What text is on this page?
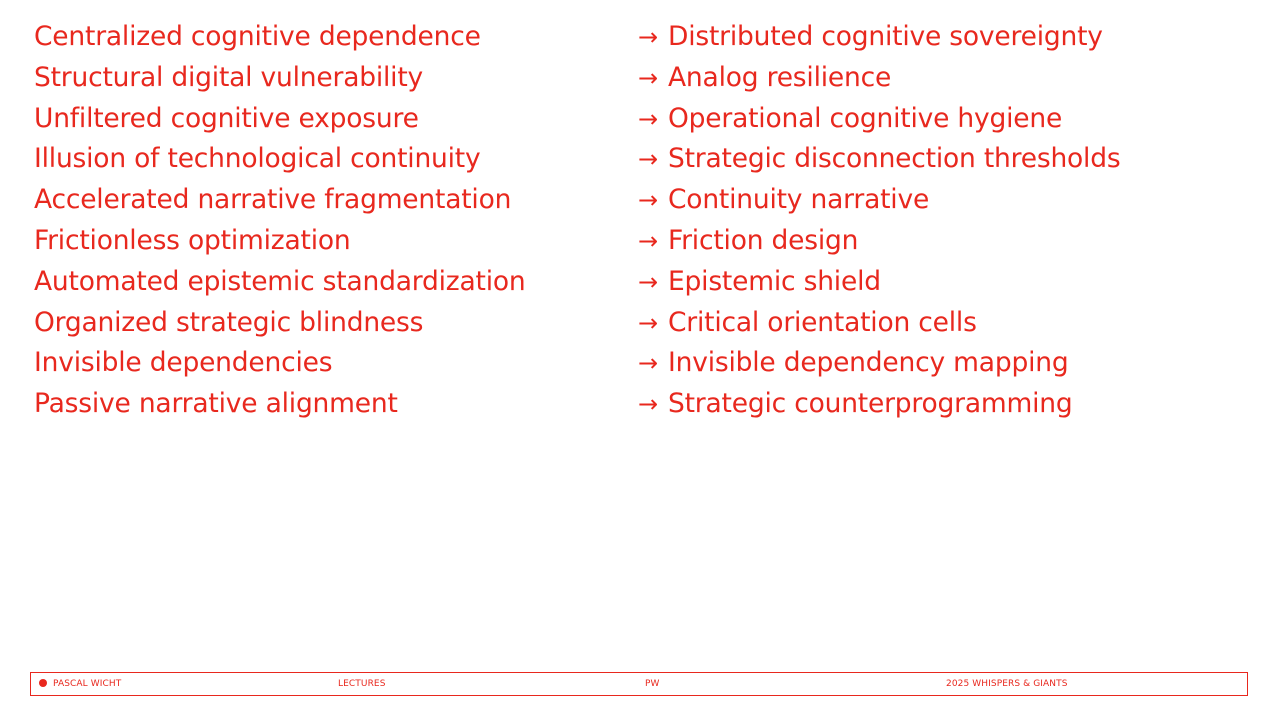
Centralized cognitive dependence	→ Distributed cognitive sovereignty
Structural digital vulnerability	→ Analog resilience
Unfiltered cognitive exposure	→ Operational cognitive hygiene
Illusion of technological continuity	→ Strategic disconnection thresholds
Accelerated narrative fragmentation	→ Continuity narrative
Frictionless optimization	→ Friction design
Automated epistemic standardization	→ Epistemic shield
Organized strategic blindness	→ Critical orientation cells
Invisible dependencies	→ Invisible dependency mapping
Passive narrative alignment	→ Strategic counterprogramming
PASCAL WICHT	LECTURES	PW	2025 WHISPERS & GIANTS
